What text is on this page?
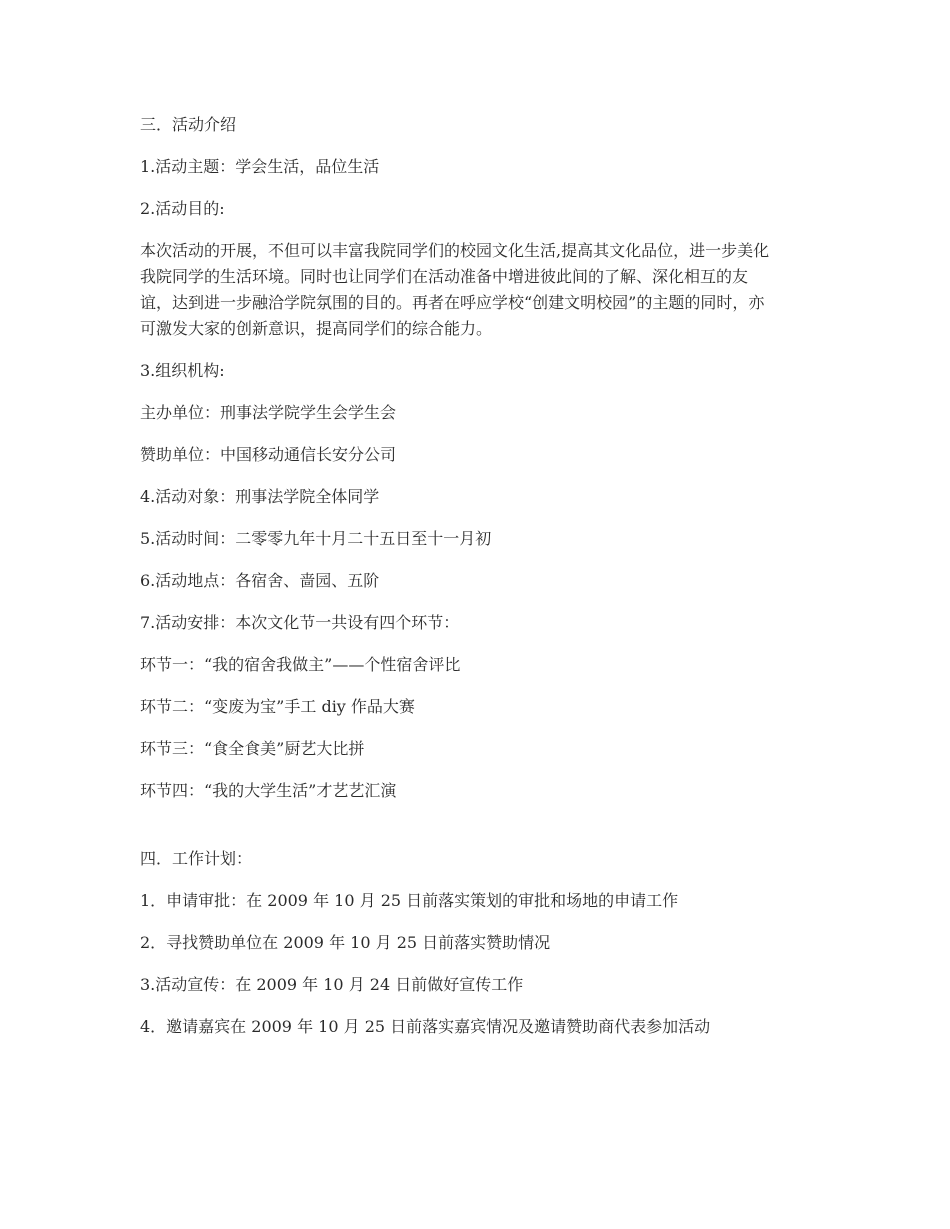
三．活动介绍

1.活动主题：学会生活，品位生活

2.活动目的:

本次活动的开展，不但可以丰富我院同学们的校园文化生活,提高其文化品位，进一步美化
我院同学的生活环境。同时也让同学们在活动准备中增进彼此间的了解、深化相互的友
谊，达到进一步融洽学院氛围的目的。再者在呼应学校“创建文明校园”的主题的同时，亦
可激发大家的创新意识，提高同学们的综合能力。

3.组织机构:

主办单位：刑事法学院学生会学生会

赞助单位：中国移动通信长安分公司

4.活动对象：刑事法学院全体同学

5.活动时间：二零零九年十月二十五日至十一月初

6.活动地点：各宿舍、啬园、五阶

7.活动安排：本次文化节一共设有四个环节：

环节一：“我的宿舍我做主”——个性宿舍评比

环节二：“变废为宝”手工 diy 作品大赛

环节三：“食全食美”厨艺大比拼

环节四：“我的大学生活”才艺艺汇演

四．工作计划：

1．申请审批：在 2009 年 10 月 25 日前落实策划的审批和场地的申请工作

2．寻找赞助单位在 2009 年 10 月 25 日前落实赞助情况

3.活动宣传：在 2009 年 10 月 24 日前做好宣传工作

4．邀请嘉宾在 2009 年 10 月 25 日前落实嘉宾情况及邀请赞助商代表参加活动
